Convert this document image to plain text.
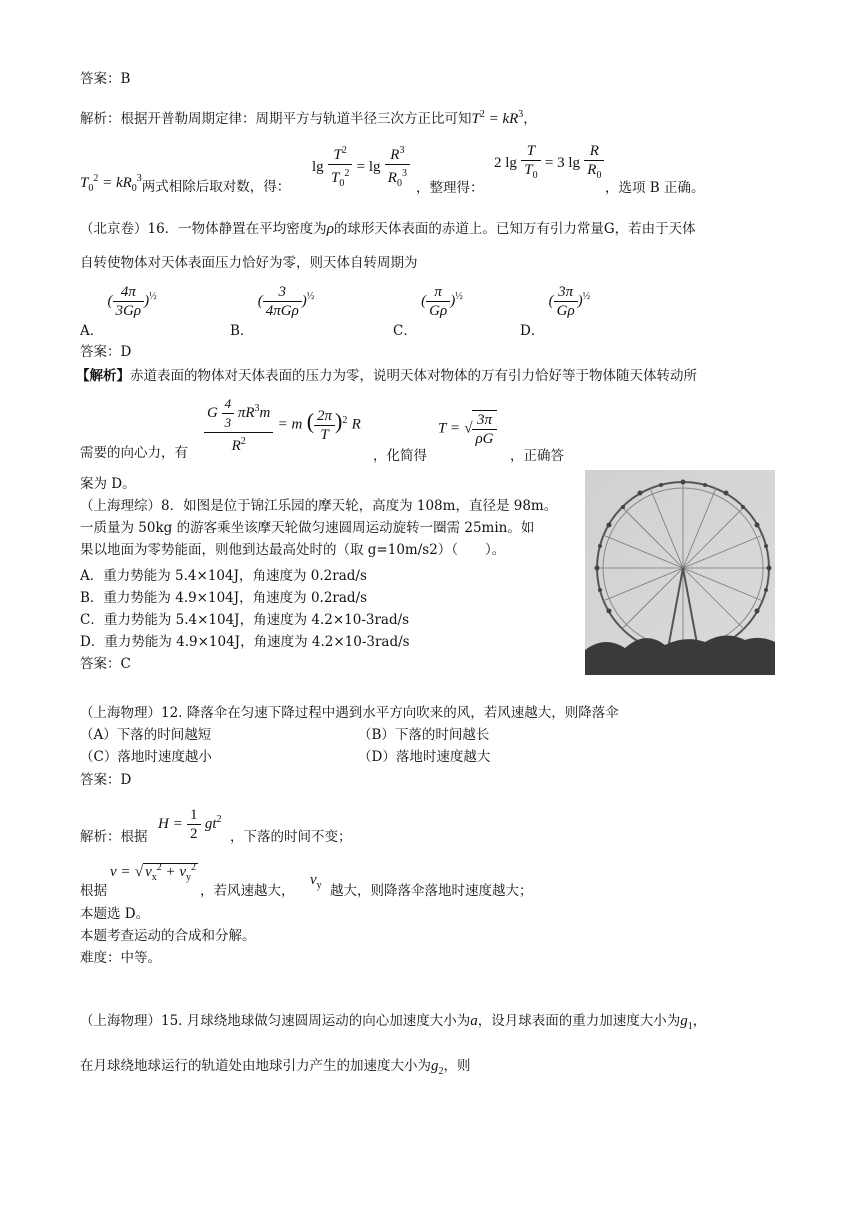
答案：B
解析：根据开普勒周期定律：周期平方与轨道半径三次方正比可知$T^2 = kR^3$，
$T_0^2 = kR_0^3$两式相除后取对数，得：
$\lg \frac{T^2}{T_0^2} = \lg \frac{R^3}{R_0^3}$ ，整理得：
2 $\lg \frac{T}{T_0} = 3$ $\lg \frac{R}{R_0}$
，选项 B 正确。
（北京卷）16．一物体静置在平均密度为ρ的球形天体表面的赤道上。已知万有引力常量G，若由于天体
自转使物体对天体表面压力恰好为零，则天体自转周期为
A． ( $\frac{4\pi}{3G\rho} )^{\frac{1}{2}}$
B． ( $\frac{3}{\text{4πGρ}} )^{\frac{1}{2}}$
C． ( $\frac{\pi}{G\rho} )^{\frac{1}{2}}$
D． ( $\frac{3\pi}{G\rho} )^{\frac{1}{2}}$
答案：D
【解析】赤道表面的物体对天体表面的压力为零，说明天体对物体的万有引力恰好等于物体随天体转动所
需要的向心力，有 $\frac{G \frac{4}{3} \pi R^3m}{R^2} = m$ ( $\frac{2\pi}{T} )^2$ R
，化简得
T = √ $\frac{3\pi}{\rho G}$
，正确答
案为 D。
（上海理综）8．如图是位于锦江乐园的摩天轮，高度为 108m，直径是 98m。
一质量为 50kg 的游客乘坐该摩天轮做匀速圆周运动旋转一圈需 25min。如
果以地面为零势能面，则他到达最高处时的（取 g=10m/s2）（　　）。
A．重力势能为 5.4×104J，角速度为 0.2rad/s
B．重力势能为 4.9×104J，角速度为 0.2rad/s
C．重力势能为 5.4×104J，角速度为 4.2×10-3rad/s
D．重力势能为 4.9×104J，角速度为 4.2×10-3rad/s
答案：C
（上海物理）12. 降落伞在匀速下降过程中遇到水平方向吹来的风，若风速越大，则降落伞
（A）下落的时间越短	（B）下落的时间越长
（C）落地时速度越小	（D）落地时速度越大
答案：D
解析：根据
$H = \frac{1}{2} gt^2$
，下落的时间不变；
根据
v = √ $v_x^2 + v_y^2$
，若风速越大，
$v_y$ 越大，则降落伞落地时速度越大；
本题选 D。
本题考查运动的合成和分解。
难度：中等。
（上海物理）15. 月球绕地球做匀速圆周运动的向心加速度大小为a，设月球表面的重力加速度大小为$g_1$，
在月球绕地球运行的轨道处由地球引力产生的加速度大小为$g_2$，则
